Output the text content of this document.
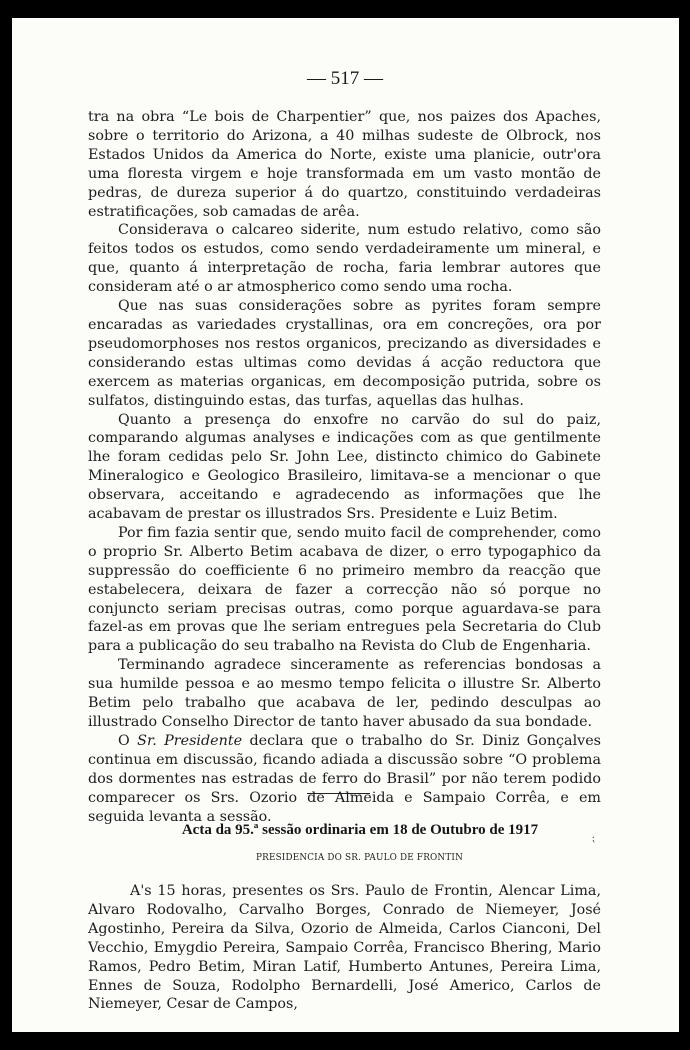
— 517 —

tra na obra “Le bois de Charpentier” que, nos paizes dos Apaches, sobre o territorio do Arizona, a 40 milhas sudeste de Olbrock, nos Estados Unidos da America do Norte, existe uma planicie, outr'ora uma floresta virgem e hoje transformada em um vasto montão de pedras, de dureza superior á do quartzo, constituindo verdadeiras estratificações, sob camadas de arêa.

Considerava o calcareo siderite, num estudo relativo, como são feitos todos os estudos, como sendo verdadeiramente um mineral, e que, quanto á interpretação de rocha, faria lembrar autores que consideram até o ar atmospherico como sendo uma rocha.

Que nas suas considerações sobre as pyrites foram sempre encaradas as variedades crystallinas, ora em concreções, ora por pseudomorphoses nos restos organicos, precizando as diversidades e considerando estas ultimas como devidas á acção reductora que exercem as materias organicas, em decomposição putrida, sobre os sulfatos, distinguindo estas, das turfas, aquellas das hulhas.

Quanto a presença do enxofre no carvão do sul do paiz, comparando algumas analyses e indicações com as que gentilmente lhe foram cedidas pelo Sr. John Lee, distincto chimico do Gabinete Mineralogico e Geologico Brasileiro, limitava-se a mencionar o que observara, acceitando e agradecendo as informações que lhe acabavam de prestar os illustrados Srs. Presidente e Luiz Betim.

Por fim fazia sentir que, sendo muito facil de comprehender, como o proprio Sr. Alberto Betim acabava de dizer, o erro typogaphico da suppressão do coefficiente 6 no primeiro membro da reacção que estabelecera, deixara de fazer a correcção não só porque no conjuncto seriam precisas outras, como porque aguardava-se para fazel-as em provas que lhe seriam entregues pela Secretaria do Club para a publicação do seu trabalho na Revista do Club de Engenharia.

Terminando agradece sinceramente as referencias bondosas a sua humilde pessoa e ao mesmo tempo felicita o illustre Sr. Alberto Betim pelo trabalho que acabava de ler, pedindo desculpas ao illustrado Conselho Director de tanto haver abusado da sua bondade.

O Sr. Presidente declara que o trabalho do Sr. Diniz Gonçalves continua em discussão, ficando adiada a discussão sobre “O problema dos dormentes nas estradas de ferro do Brasil” por não terem podido comparecer os Srs. Ozorio de Almeida e Sampaio Corrêa, e em seguida levanta a sessão.

Acta da 95.ª sessão ordinaria em 18 de Outubro de 1917
PRESIDENCIA DO SR. PAULO DE FRONTIN
⁏

A's 15 horas, presentes os Srs. Paulo de Frontin, Alencar Lima, Alvaro Rodovalho, Carvalho Borges, Conrado de Niemeyer, José Agostinho, Pereira da Silva, Ozorio de Almeida, Carlos Cianconi, Del Vecchio, Emygdio Pereira, Sampaio Corrêa, Francisco Bhering, Mario Ramos, Pedro Betim, Miran Latif, Humberto Antunes, Pereira Lima, Ennes de Souza, Rodolpho Bernardelli, José Americo, Carlos de Niemeyer, Cesar de Campos,
